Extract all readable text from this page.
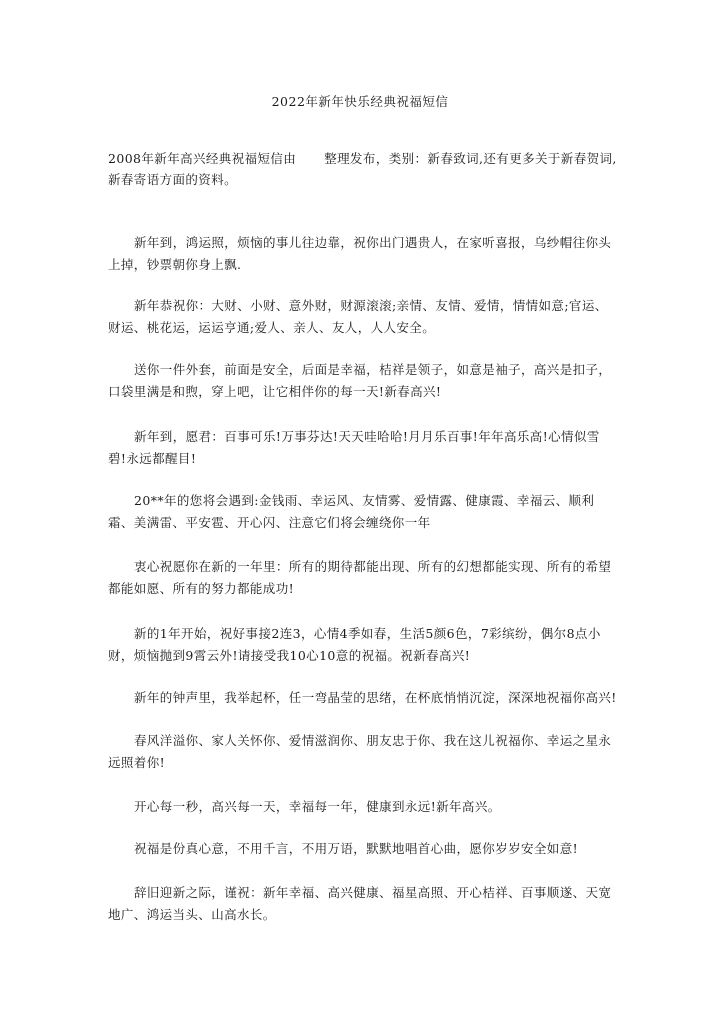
2022年新年快乐经典祝福短信
2008年新年高兴经典祝福短信由 整理发布，类别：新春致词,还有更多关于新春贺词,新春寄语方面的资料。

新年到，鸿运照，烦恼的事儿往边靠，祝你出门遇贵人，在家听喜报，乌纱帽往你头上掉，钞票朝你身上飘.

新年恭祝你：大财、小财、意外财，财源滚滚;亲情、友情、爱情，情情如意;官运、财运、桃花运，运运亨通;爱人、亲人、友人，人人安全。

送你一件外套，前面是安全，后面是幸福，桔祥是领子，如意是袖子，高兴是扣子，口袋里满是和煦，穿上吧，让它相伴你的每一天!新春高兴!

新年到，愿君：百事可乐!万事芬达!天天哇哈哈!月月乐百事!年年高乐高!心情似雪碧!永远都醒目!

20**年的您将会遇到:金钱雨、幸运风、友情雾、爱情露、健康霞、幸福云、顺利霜、美满雷、平安雹、开心闪、注意它们将会缠绕你一年

衷心祝愿你在新的一年里：所有的期待都能出现、所有的幻想都能实现、所有的希望都能如愿、所有的努力都能成功!

新的1年开始，祝好事接2连3，心情4季如春，生活5颜6色，7彩缤纷，偶尔8点小财，烦恼抛到9霄云外!请接受我10心10意的祝福。祝新春高兴!

新年的钟声里，我举起杯，任一弯晶莹的思绪，在杯底悄悄沉淀，深深地祝福你高兴!

春风洋溢你、家人关怀你、爱情滋润你、朋友忠于你、我在这儿祝福你、幸运之星永远照着你!

开心每一秒，高兴每一天，幸福每一年，健康到永远!新年高兴。

祝福是份真心意，不用千言，不用万语，默默地唱首心曲，愿你岁岁安全如意!

辞旧迎新之际，谨祝：新年幸福、高兴健康、福星高照、开心桔祥、百事顺遂、天宽地广、鸿运当头、山高水长。
